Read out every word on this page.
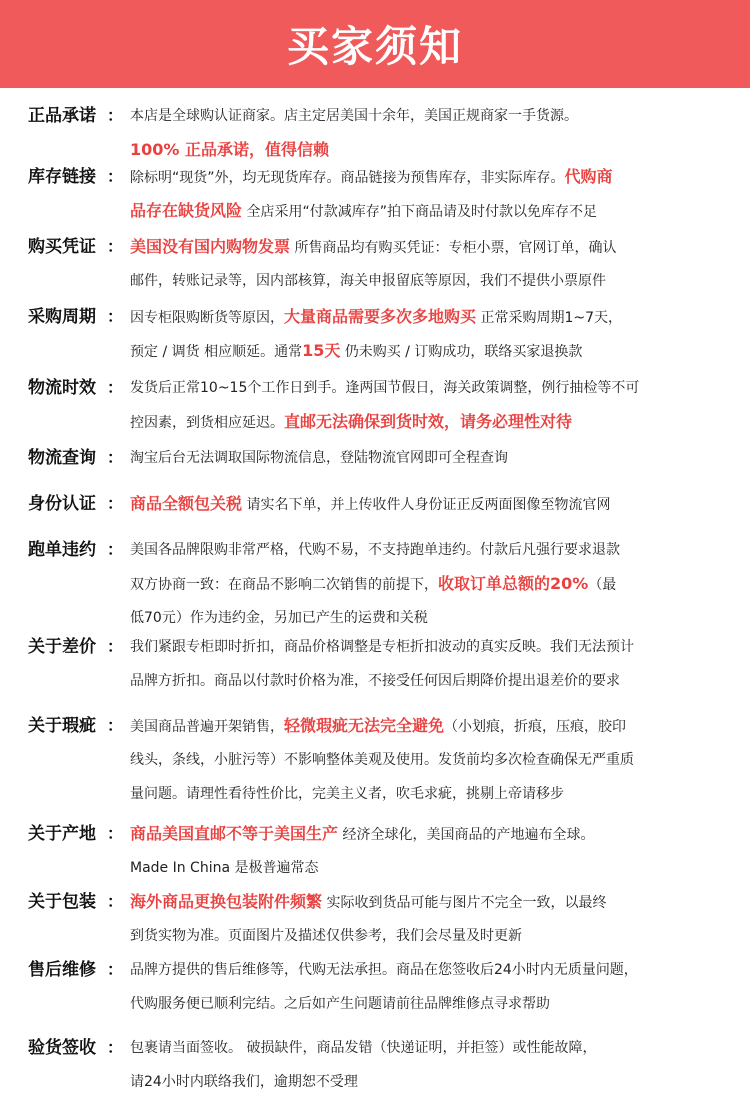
买家须知
正品承诺 ： 本店是全球购认证商家。店主定居美国十余年，美国正规商家一手货源。
100% 正品承诺，值得信赖
库存链接 ： 除标明“现货”外，均无现货库存。商品链接为预售库存，非实际库存。代购商
品存在缺货风险 全店采用“付款减库存”拍下商品请及时付款以免库存不足
购买凭证 ： 美国没有国内购物发票 所售商品均有购买凭证：专柜小票，官网订单，确认
邮件，转账记录等，因内部核算，海关申报留底等原因，我们不提供小票原件
采购周期 ： 因专柜限购断货等原因，大量商品需要多次多地购买 正常采购周期1~7天，
预定 / 调货 相应顺延。通常15天 仍未购买 / 订购成功，联络买家退换款
物流时效 ： 发货后正常10~15个工作日到手。逢两国节假日，海关政策调整，例行抽检等不可
控因素，到货相应延迟。直邮无法确保到货时效，请务必理性对待
物流查询 ： 淘宝后台无法调取国际物流信息，登陆物流官网即可全程查询
身份认证 ： 商品全额包关税 请实名下单，并上传收件人身份证正反两面图像至物流官网
跑单违约 ： 美国各品牌限购非常严格，代购不易，不支持跑单违约。付款后凡强行要求退款
双方协商一致：在商品不影响二次销售的前提下，收取订单总额的20%（最
低70元）作为违约金，另加已产生的运费和关税
关于差价 ： 我们紧跟专柜即时折扣，商品价格调整是专柜折扣波动的真实反映。我们无法预计
品牌方折扣。商品以付款时价格为准，不接受任何因后期降价提出退差价的要求
关于瑕疵 ： 美国商品普遍开架销售，轻微瑕疵无法完全避免（小划痕，折痕，压痕，胶印
线头，条线，小脏污等）不影响整体美观及使用。发货前均多次检查确保无严重质
量问题。请理性看待性价比，完美主义者，吹毛求疵，挑剔上帝请移步
关于产地 ： 商品美国直邮不等于美国生产 经济全球化，美国商品的产地遍布全球。
Made In China 是极普遍常态
关于包装 ： 海外商品更换包装附件频繁 实际收到货品可能与图片不完全一致，以最终
到货实物为准。页面图片及描述仅供参考，我们会尽量及时更新
售后维修 ： 品牌方提供的售后维修等，代购无法承担。商品在您签收后24小时内无质量问题，
代购服务便已顺利完结。之后如产生问题请前往品牌维修点寻求帮助
验货签收 ： 包裹请当面签收。 破损缺件，商品发错（快递证明，并拒签）或性能故障，
请24小时内联络我们，逾期恕不受理
